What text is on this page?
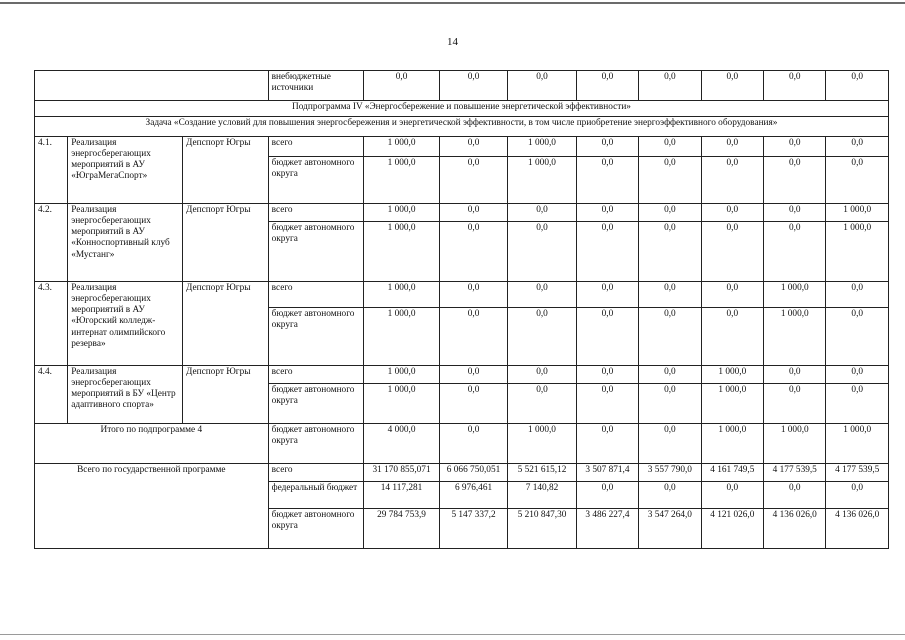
14
			внебюджетные источники	0,0	0,0	0,0	0,0	0,0	0,0	0,0	0,0
Подпрограмма IV «Энергосбережение и повышение энергетической эффективности»											
Задача «Создание условий для повышения энергосбережения и энергетической эффективности, в том числе приобретение энергоэффективного оборудования»											
4.1.	Реализация энергосберегающих мероприятий в АУ «ЮграМегаСпорт»	Депспорт Югры	всего	1 000,0	0,0	1 000,0	0,0	0,0	0,0	0,0	0,0
			бюджет автономного округа	1 000,0	0,0	1 000,0	0,0	0,0	0,0	0,0	0,0
4.2.	Реализация энергосберегающих мероприятий в АУ «Конноспортивный клуб «Мустанг»	Депспорт Югры	всего	1 000,0	0,0	0,0	0,0	0,0	0,0	0,0	1 000,0
			бюджет автономного округа	1 000,0	0,0	0,0	0,0	0,0	0,0	0,0	1 000,0
4.3.	Реализация энергосберегающих мероприятий в АУ «Югорский колледж-интернат олимпийского резерва»	Депспорт Югры	всего	1 000,0	0,0	0,0	0,0	0,0	0,0	1 000,0	0,0
			бюджет автономного округа	1 000,0	0,0	0,0	0,0	0,0	0,0	1 000,0	0,0
4.4.	Реализация энергосберегающих мероприятий в БУ «Центр адаптивного спорта»	Депспорт Югры	всего	1 000,0	0,0	0,0	0,0	0,0	1 000,0	0,0	0,0
			бюджет автономного округа	1 000,0	0,0	0,0	0,0	0,0	1 000,0	0,0	0,0
Итого по подпрограмме 4			бюджет автономного округа	4 000,0	0,0	1 000,0	0,0	0,0	1 000,0	1 000,0	1 000,0
Всего по государственной программе			всего	31 170 855,071	6 066 750,051	5 521 615,12	3 507 871,4	3 557 790,0	4 161 749,5	4 177 539,5	4 177 539,5
			федеральный бюджет	14 117,281	6 976,461	7 140,82	0,0	0,0	0,0	0,0	0,0
			бюджет автономного округа	29 784 753,9	5 147 337,2	5 210 847,30	3 486 227,4	3 547 264,0	4 121 026,0	4 136 026,0	4 136 026,0
